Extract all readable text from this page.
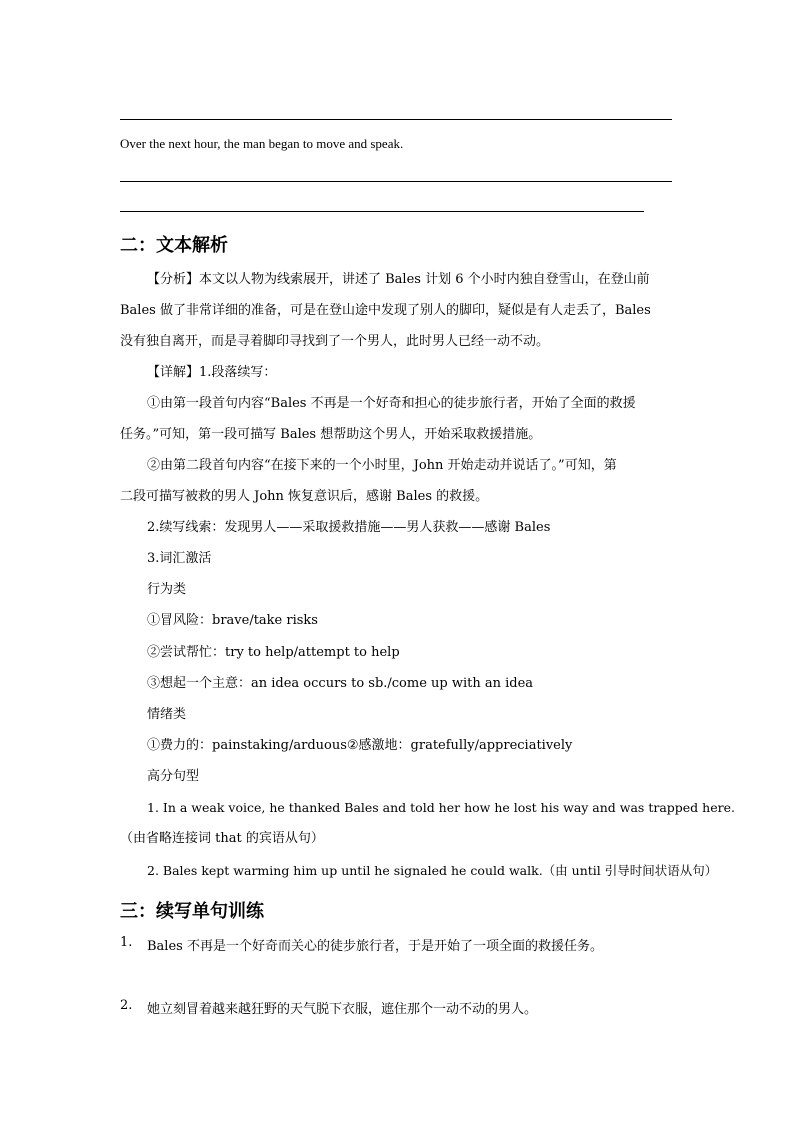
Over the next hour, the man began to move and speak.
二：文本解析
【分析】本文以人物为线索展开，讲述了 Bales 计划 6 个小时内独自登雪山，在登山前
Bales 做了非常详细的准备，可是在登山途中发现了别人的脚印，疑似是有人走丢了，Bales
没有独自离开，而是寻着脚印寻找到了一个男人，此时男人已经一动不动。
【详解】1.段落续写：
①由第一段首句内容“Bales 不再是一个好奇和担心的徒步旅行者，开始了全面的救援
任务。”可知，第一段可描写 Bales 想帮助这个男人，开始采取救援措施。
②由第二段首句内容“在接下来的一个小时里，John 开始走动并说话了。”可知，第
二段可描写被救的男人 John 恢复意识后，感谢 Bales 的救援。
2.续写线索：发现男人——采取援救措施——男人获救——感谢 Bales
3.词汇激活
行为类
①冒风险：brave/take risks
②尝试帮忙：try to help/attempt to help
③想起一个主意：an idea occurs to sb./come up with an idea
情绪类
①费力的：painstaking/arduous②感激地：gratefully/appreciatively
高分句型
1. In a weak voice, he thanked Bales and told her how he lost his way and was trapped here.
（由省略连接词 that 的宾语从句）
2. Bales kept warming him up until he signaled he could walk.（由 until 引导时间状语从句）
三：续写单句训练
1. Bales 不再是一个好奇而关心的徒步旅行者，于是开始了一项全面的救援任务。
2. 她立刻冒着越来越狂野的天气脱下衣服，遮住那个一动不动的男人。
